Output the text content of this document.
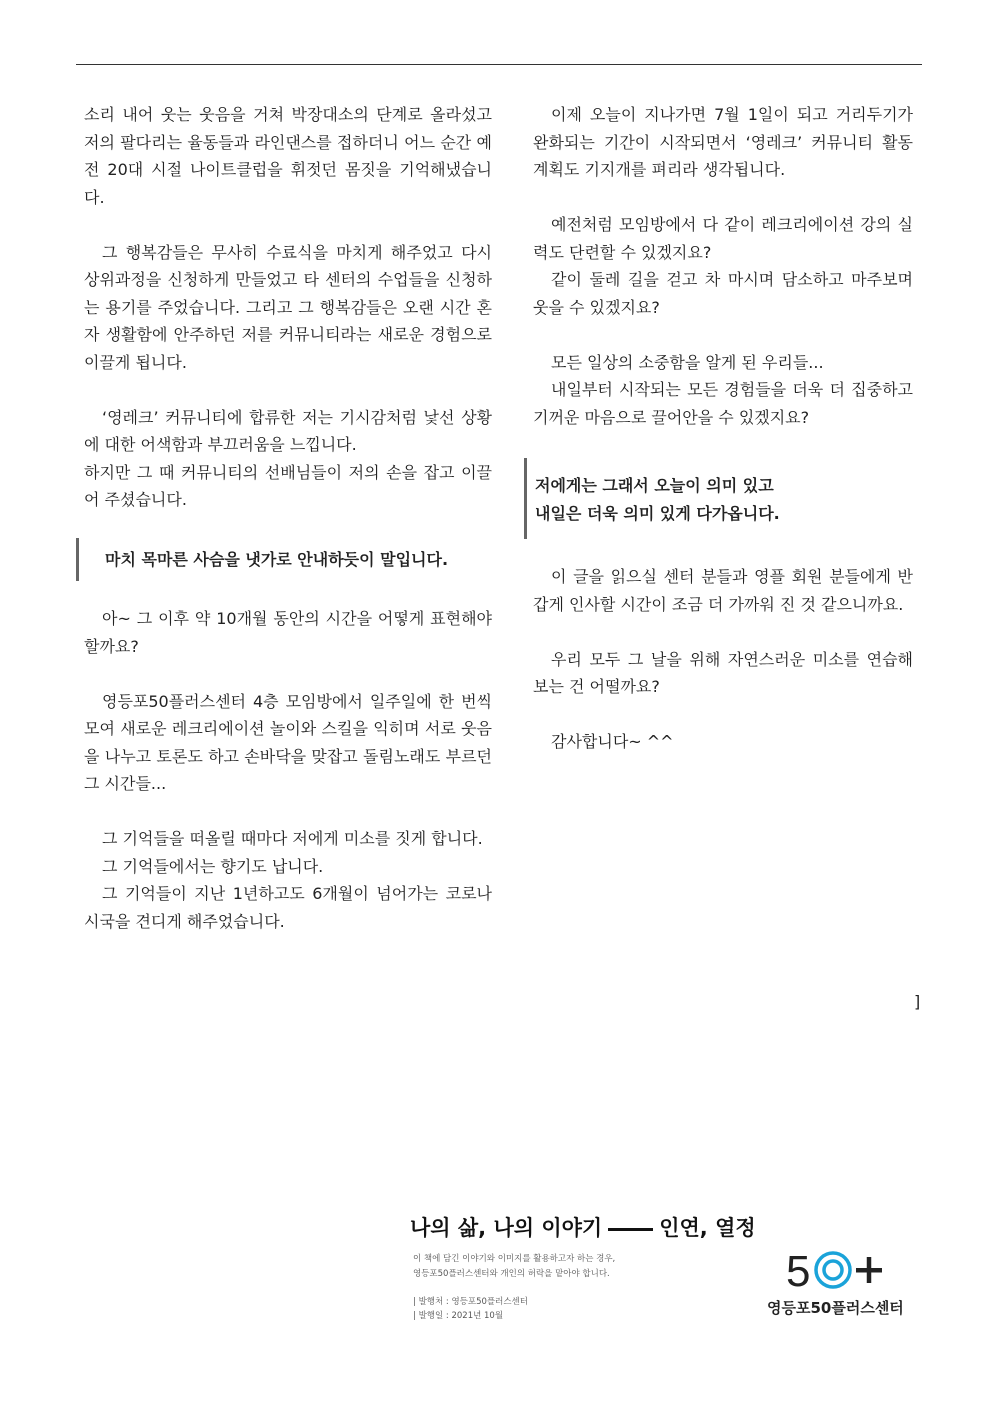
소리 내어 웃는 웃음을 거쳐 박장대소의 단계로 올라섰고 저의 팔다리는 율동들과 라인댄스를 접하더니 어느 순간 예전 20대 시절 나이트클럽을 휘젓던 몸짓을 기억해냈습니다.

그 행복감들은 무사히 수료식을 마치게 해주었고 다시 상위과정을 신청하게 만들었고 타 센터의 수업들을 신청하는 용기를 주었습니다. 그리고 그 행복감들은 오랜 시간 혼자 생활함에 안주하던 저를 커뮤니티라는 새로운 경험으로 이끌게 됩니다.

‘영레크’ 커뮤니티에 합류한 저는 기시감처럼 낯선 상황에 대한 어색함과 부끄러움을 느낍니다.

하지만 그 때 커뮤니티의 선배님들이 저의 손을 잡고 이끌어 주셨습니다.

마치 목마른 사슴을 냇가로 안내하듯이 말입니다.

아~ 그 이후 약 10개월 동안의 시간을 어떻게 표현해야 할까요?

영등포50플러스센터 4층 모임방에서 일주일에 한 번씩 모여 새로운 레크리에이션 놀이와 스킬을 익히며 서로 웃음을 나누고 토론도 하고 손바닥을 맞잡고 돌림노래도 부르던 그 시간들...

그 기억들을 떠올릴 때마다 저에게 미소를 짓게 합니다.

그 기억들에서는 향기도 납니다.

그 기억들이 지난 1년하고도 6개월이 넘어가는 코로나 시국을 견디게 해주었습니다.

이제 오늘이 지나가면 7월 1일이 되고 거리두기가 완화되는 기간이 시작되면서 ‘영레크’ 커뮤니티 활동 계획도 기지개를 펴리라 생각됩니다.

예전처럼 모임방에서 다 같이 레크리에이션 강의 실력도 단련할 수 있겠지요?

같이 둘레 길을 걷고 차 마시며 담소하고 마주보며 웃을 수 있겠지요?

모든 일상의 소중함을 알게 된 우리들...

내일부터 시작되는 모든 경험들을 더욱 더 집중하고 기꺼운 마음으로 끌어안을 수 있겠지요?

저에게는 그래서 오늘이 의미 있고
내일은 더욱 의미 있게 다가옵니다.

이 글을 읽으실 센터 분들과 영플 회원 분들에게 반갑게 인사할 시간이 조금 더 가까워 진 것 같으니까요.

우리 모두 그 날을 위해 자연스러운 미소를 연습해 보는 건 어떨까요?

감사합니다~ ^^

]
나의 삶, 나의 이야기	인연, 열정
이 책에 담긴 이야기와 이미지를 활용하고자 하는 경우,
영등포50플러스센터와 개인의 허락을 맡아야 합니다.
| 발행처 : 영등포50플러스센터
| 발행일 : 2021년 10월
5
영등포50플러스센터
